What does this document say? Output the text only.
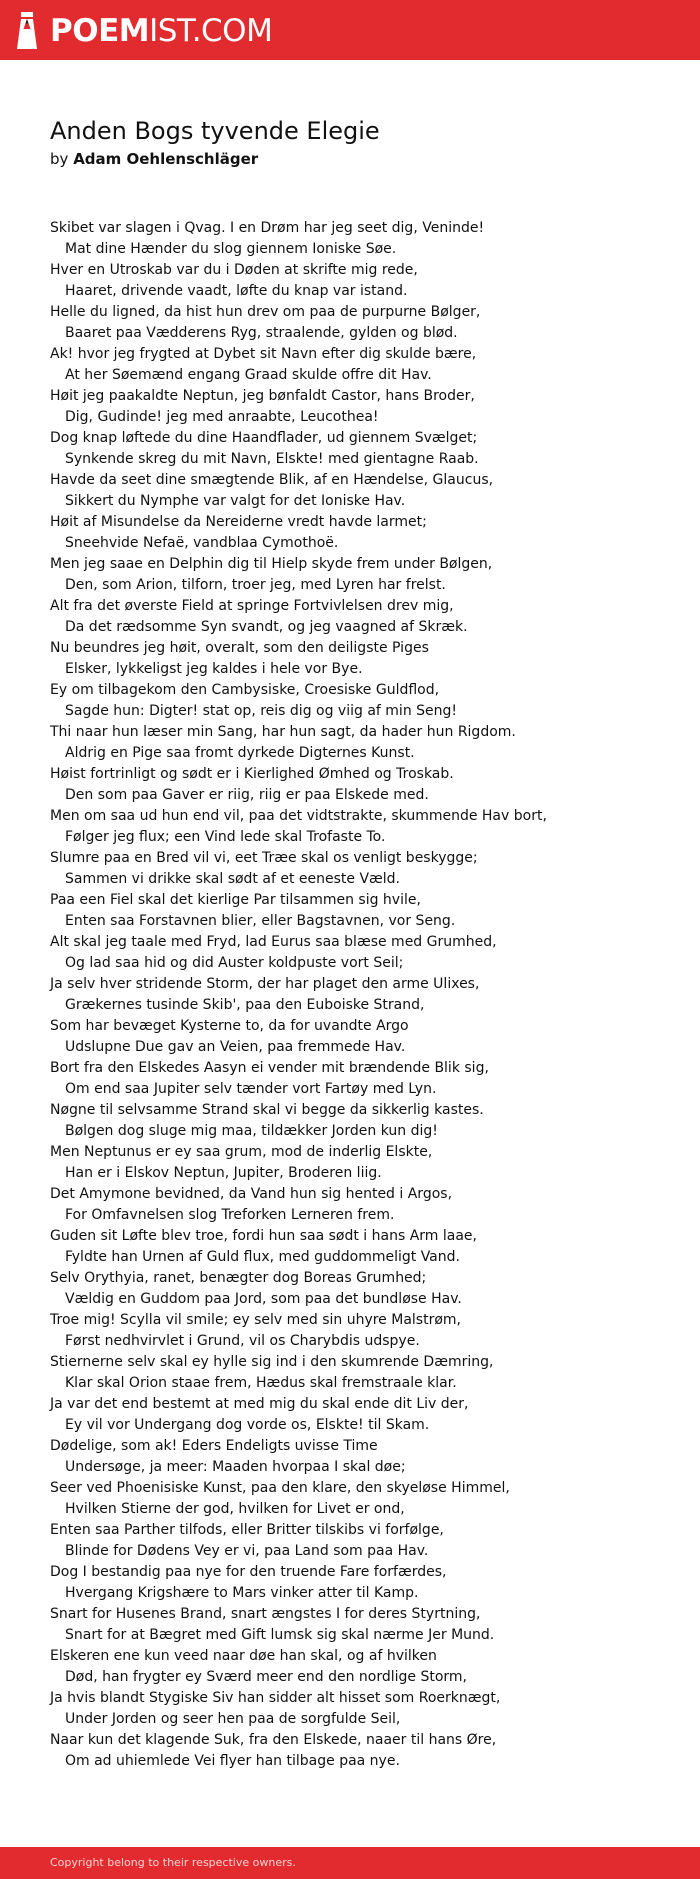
POEMIST.COM
Anden Bogs tyvende Elegie
by Adam Oehlenschläger
Skibet var slagen i Qvag. I en Drøm har jeg seet dig, Veninde!
Mat dine Hænder du slog giennem Ioniske Søe.
Hver en Utroskab var du i Døden at skrifte mig rede,
Haaret, drivende vaadt, løfte du knap var istand.
Helle du ligned, da hist hun drev om paa de purpurne Bølger,
Baaret paa Vædderens Ryg, straalende, gylden og blød.
Ak! hvor jeg frygted at Dybet sit Navn efter dig skulde bære,
At her Søemænd engang Graad skulde offre dit Hav.
Høit jeg paakaldte Neptun, jeg bønfaldt Castor, hans Broder,
Dig, Gudinde! jeg med anraabte, Leucothea!
Dog knap løftede du dine Haandflader, ud giennem Svælget;
Synkende skreg du mit Navn, Elskte! med gientagne Raab.
Havde da seet dine smægtende Blik, af en Hændelse, Glaucus,
Sikkert du Nymphe var valgt for det Ioniske Hav.
Høit af Misundelse da Nereiderne vredt havde larmet;
Sneehvide Nefaë, vandblaa Cymothoë.
Men jeg saae en Delphin dig til Hielp skyde frem under Bølgen,
Den, som Arion, tilforn, troer jeg, med Lyren har frelst.
Alt fra det øverste Field at springe Fortvivlelsen drev mig,
Da det rædsomme Syn svandt, og jeg vaagned af Skræk.
Nu beundres jeg høit, overalt, som den deiligste Piges
Elsker, lykkeligst jeg kaldes i hele vor Bye.
Ey om tilbagekom den Cambysiske, Croesiske Guldflod,
Sagde hun: Digter! stat op, reis dig og viig af min Seng!
Thi naar hun læser min Sang, har hun sagt, da hader hun Rigdom.
Aldrig en Pige saa fromt dyrkede Digternes Kunst.
Høist fortrinligt og sødt er i Kierlighed Ømhed og Troskab.
Den som paa Gaver er riig, riig er paa Elskede med.
Men om saa ud hun end vil, paa det vidtstrakte, skummende Hav bort,
Følger jeg flux; een Vind lede skal Trofaste To.
Slumre paa en Bred vil vi, eet Træe skal os venligt beskygge;
Sammen vi drikke skal sødt af et eeneste Væld.
Paa een Fiel skal det kierlige Par tilsammen sig hvile,
Enten saa Forstavnen blier, eller Bagstavnen, vor Seng.
Alt skal jeg taale med Fryd, lad Eurus saa blæse med Grumhed,
Og lad saa hid og did Auster koldpuste vort Seil;
Ja selv hver stridende Storm, der har plaget den arme Ulixes,
Grækernes tusinde Skib', paa den Euboiske Strand,
Som har bevæget Kysterne to, da for uvandte Argo
Udslupne Due gav an Veien, paa fremmede Hav.
Bort fra den Elskedes Aasyn ei vender mit brændende Blik sig,
Om end saa Jupiter selv tænder vort Fartøy med Lyn.
Nøgne til selvsamme Strand skal vi begge da sikkerlig kastes.
Bølgen dog sluge mig maa, tildækker Jorden kun dig!
Men Neptunus er ey saa grum, mod de inderlig Elskte,
Han er i Elskov Neptun, Jupiter, Broderen liig.
Det Amymone bevidned, da Vand hun sig hented i Argos,
For Omfavnelsen slog Treforken Lerneren frem.
Guden sit Løfte blev troe, fordi hun saa sødt i hans Arm laae,
Fyldte han Urnen af Guld flux, med guddommeligt Vand.
Selv Orythyia, ranet, benægter dog Boreas Grumhed;
Vældig en Guddom paa Jord, som paa det bundløse Hav.
Troe mig! Scylla vil smile; ey selv med sin uhyre Malstrøm,
Først nedhvirvlet i Grund, vil os Charybdis udspye.
Stiernerne selv skal ey hylle sig ind i den skumrende Dæmring,
Klar skal Orion staae frem, Hædus skal fremstraale klar.
Ja var det end bestemt at med mig du skal ende dit Liv der,
Ey vil vor Undergang dog vorde os, Elskte! til Skam.
Dødelige, som ak! Eders Endeligts uvisse Time
Undersøge, ja meer: Maaden hvorpaa I skal døe;
Seer ved Phoenisiske Kunst, paa den klare, den skyeløse Himmel,
Hvilken Stierne der god, hvilken for Livet er ond,
Enten saa Parther tilfods, eller Britter tilskibs vi forfølge,
Blinde for Dødens Vey er vi, paa Land som paa Hav.
Dog I bestandig paa nye for den truende Fare forfærdes,
Hvergang Krigshære to Mars vinker atter til Kamp.
Snart for Husenes Brand, snart ængstes I for deres Styrtning,
Snart for at Bægret med Gift lumsk sig skal nærme Jer Mund.
Elskeren ene kun veed naar døe han skal, og af hvilken
Død, han frygter ey Sværd meer end den nordlige Storm,
Ja hvis blandt Stygiske Siv han sidder alt hisset som Roerknægt,
Under Jorden og seer hen paa de sorgfulde Seil,
Naar kun det klagende Suk, fra den Elskede, naaer til hans Øre,
Om ad uhiemlede Vei flyer han tilbage paa nye.
Copyright belong to their respective owners.
